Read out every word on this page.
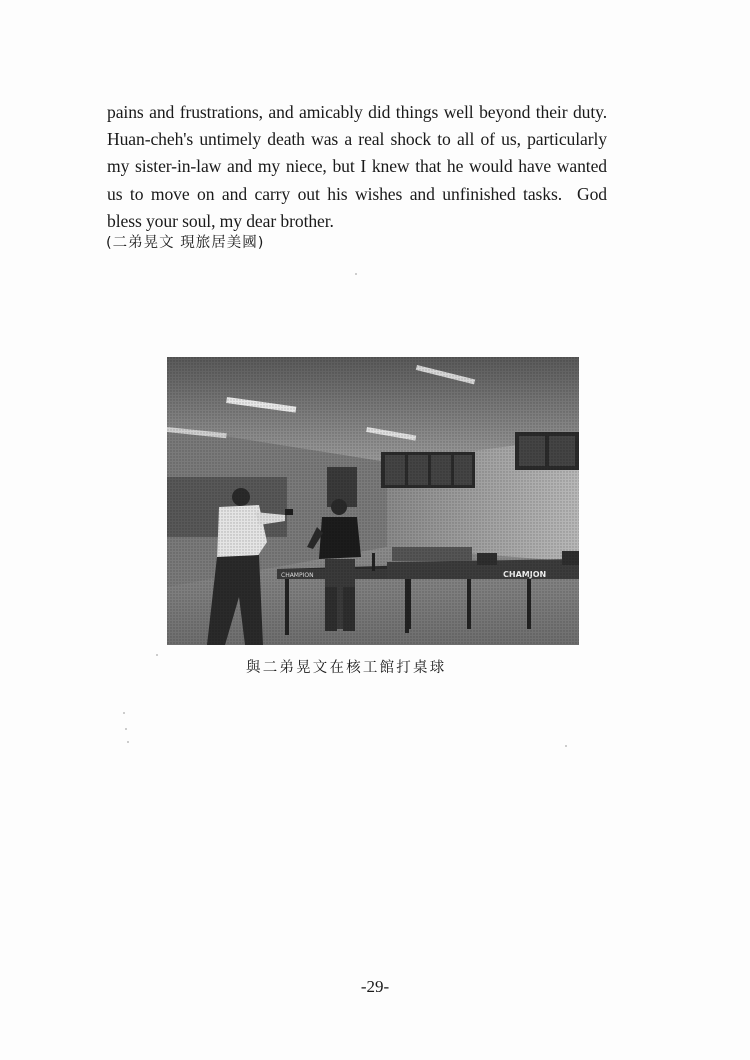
pains and frustrations, and amicably did things well beyond their duty.
Huan-cheh's untimely death was a real shock to all of us, particularly
my sister-in-law and my niece, but I knew that he would have wanted
us to move on and carry out his wishes and unfinished tasks.  God
bless your soul, my dear brother.
(二弟晃文 現旅居美國)
與二弟晃文在核工館打桌球
-29-
